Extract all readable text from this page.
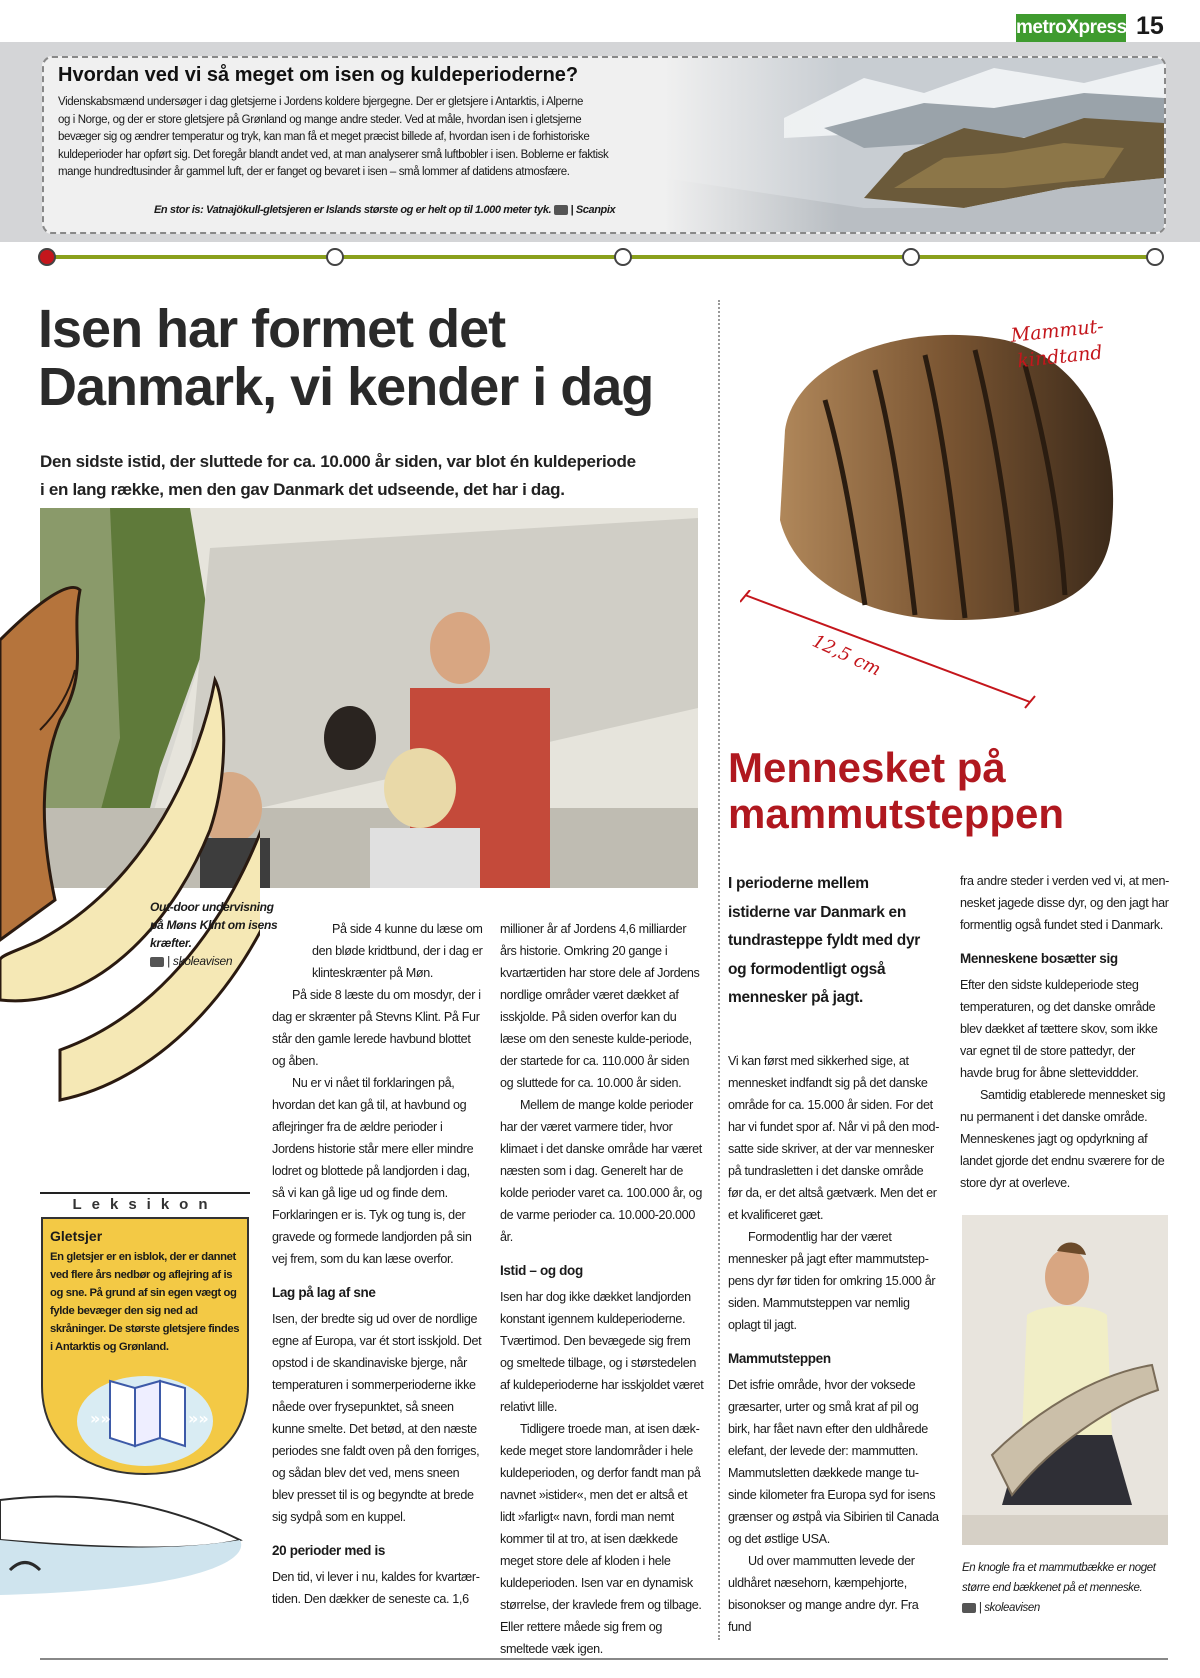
metroXpress 15
Hvordan ved vi så meget om isen og kuldeperioderne?
Videnskabsmænd undersøger i dag gletsjerne i Jordens koldere bjergegne. Der er gletsjere i Antarktis, i Alperne
og i Norge, og der er store gletsjere på Grønland og mange andre steder. Ved at måle, hvordan isen i gletsjerne
bevæger sig og ændrer temperatur og tryk, kan man få et meget præcist billede af, hvordan isen i de forhistoriske
kuldeperioder har opført sig. Det foregår blandt andet ved, at man analyserer små luftbobler i isen. Boblerne er faktisk
mange hundredtusinder år gammel luft, der er fanget og bevaret i isen – små lommer af datidens atmosfære.
En stor is: Vatnajökull-gletsjeren er Islands største og er helt op til 1.000 meter tyk.  | Scanpix
Isen har formet det
Danmark, vi kender i dag
Den sidste istid, der sluttede for ca. 10.000 år siden, var blot én kuldeperiode
i en lang række, men den gav Danmark det udseende, det har i dag.
Out-door undervisning på Møns Klint om isens kræfter.
| skoleavisen

På side 4 kunne du læse om den bløde kridtbund, der i dag er klinteskrænter på Møn.

På side 8 læste du om mosdyr, der i dag er skrænter på Stevns Klint. På Fur står den gamle lerede havbund blottet og åben.

Nu er vi nået til forklaringen på, hvordan det kan gå til, at havbund og aflejringer fra de ældre perioder i Jordens historie står mere eller mindre lodret og blottede på landjorden i dag, så vi kan gå lige ud og finde dem. Forklaringen er is. Tyk og tung is, der gravede og formede landjorden på sin vej frem, som du kan læse overfor.

Lag på lag af sne

Isen, der bredte sig ud over de nordlige egne af Europa, var ét stort isskjold. Det opstod i de skandinaviske bjerge, når temperaturen i sommerperioderne ikke nåede over frysepunktet, så sneen kunne smelte. Det betød, at den næste periodes sne faldt oven på den forriges, og sådan blev det ved, mens sneen blev presset til is og begyndte at brede sig sydpå som en kuppel.

20 perioder med is

Den tid, vi lever i nu, kaldes for kvartærtiden. Den dækker de seneste ca. 1,6

millioner år af Jordens 4,6 milliarder års historie. Omkring 20 gange i kvartærtiden har store dele af Jordens nordlige områder været dækket af isskjolde. På siden overfor kan du læse om den seneste kulde-periode, der startede for ca. 110.000 år siden og sluttede for ca. 10.000 år siden.

Mellem de mange kolde perioder har der været varmere tider, hvor klimaet i det danske område har været næsten som i dag. Generelt har de kolde perioder varet ca. 100.000 år, og de varme perioder ca. 10.000-20.000 år.

Istid – og dog

Isen har dog ikke dækket landjorden konstant igennem kuldeperioderne. Tværtimod. Den bevægede sig frem og smeltede tilbage, og i størstedelen af kuldeperioderne har isskjoldet været relativt lille.

Tidligere troede man, at isen dækkede meget store landområder i hele kuldeperioden, og derfor fandt man på navnet »istider«, men det er altså et lidt »farligt« navn, fordi man nemt kommer til at tro, at isen dækkede meget store dele af kloden i hele kuldeperioden. Isen var en dynamisk størrelse, der kravlede frem og tilbage. Eller rettere måede sig frem og smeltede væk igen.

Leksikon
»»	»»
Gletsjer
En gletsjer er en isblok, der er dannet ved flere års nedbør og aflejring af is og sne. På grund af sin egen vægt og fylde bevæger den sig ned ad skråninger. De største gletsjere findes i Antarktis og Grønland.
Mammut-
kindtand
12,5 cm
Mennesket på
mammutsteppen
I perioderne mellem istiderne var Danmark en tundrasteppe fyldt med dyr og formodentligt også mennesker på jagt.

Vi kan først med sikkerhed sige, at mennesket indfandt sig på det danske område for ca. 15.000 år siden. For det har vi fundet spor af. Når vi på den modsatte side skriver, at der var mennesker på tundrasletten i det danske område før da, er det altså gætværk. Men det er et kvalificeret gæt.

Formodentlig har der været mennesker på jagt efter mammutsteppens dyr før tiden for omkring 15.000 år siden. Mammutsteppen var nemlig oplagt til jagt.

Mammutsteppen

Det isfrie område, hvor der voksede græsarter, urter og små krat af pil og birk, har fået navn efter den uldhårede elefant, der levede der: mammutten. Mammutsletten dækkede mange tusinde kilometer fra Europa syd for isens grænser og østpå via Sibirien til Canada og det østlige USA.

Ud over mammutten levede der uldhåret næsehorn, kæmpehjorte, bisonokser og mange andre dyr. Fra fund

fra andre steder i verden ved vi, at mennesket jagede disse dyr, og den jagt har formentlig også fundet sted i Danmark.

Menneskene bosætter sig

Efter den sidste kuldeperiode steg temperaturen, og det danske område blev dækket af tættere skov, som ikke var egnet til de store pattedyr, der havde brug for åbne sletteviddder.

Samtidig etablerede mennesket sig nu permanent i det danske område. Menneskenes jagt og opdyrkning af landet gjorde det endnu sværere for de store dyr at overleve.

En knogle fra et mammutbække er noget større end bækkenet på et menneske.
| skoleavisen
